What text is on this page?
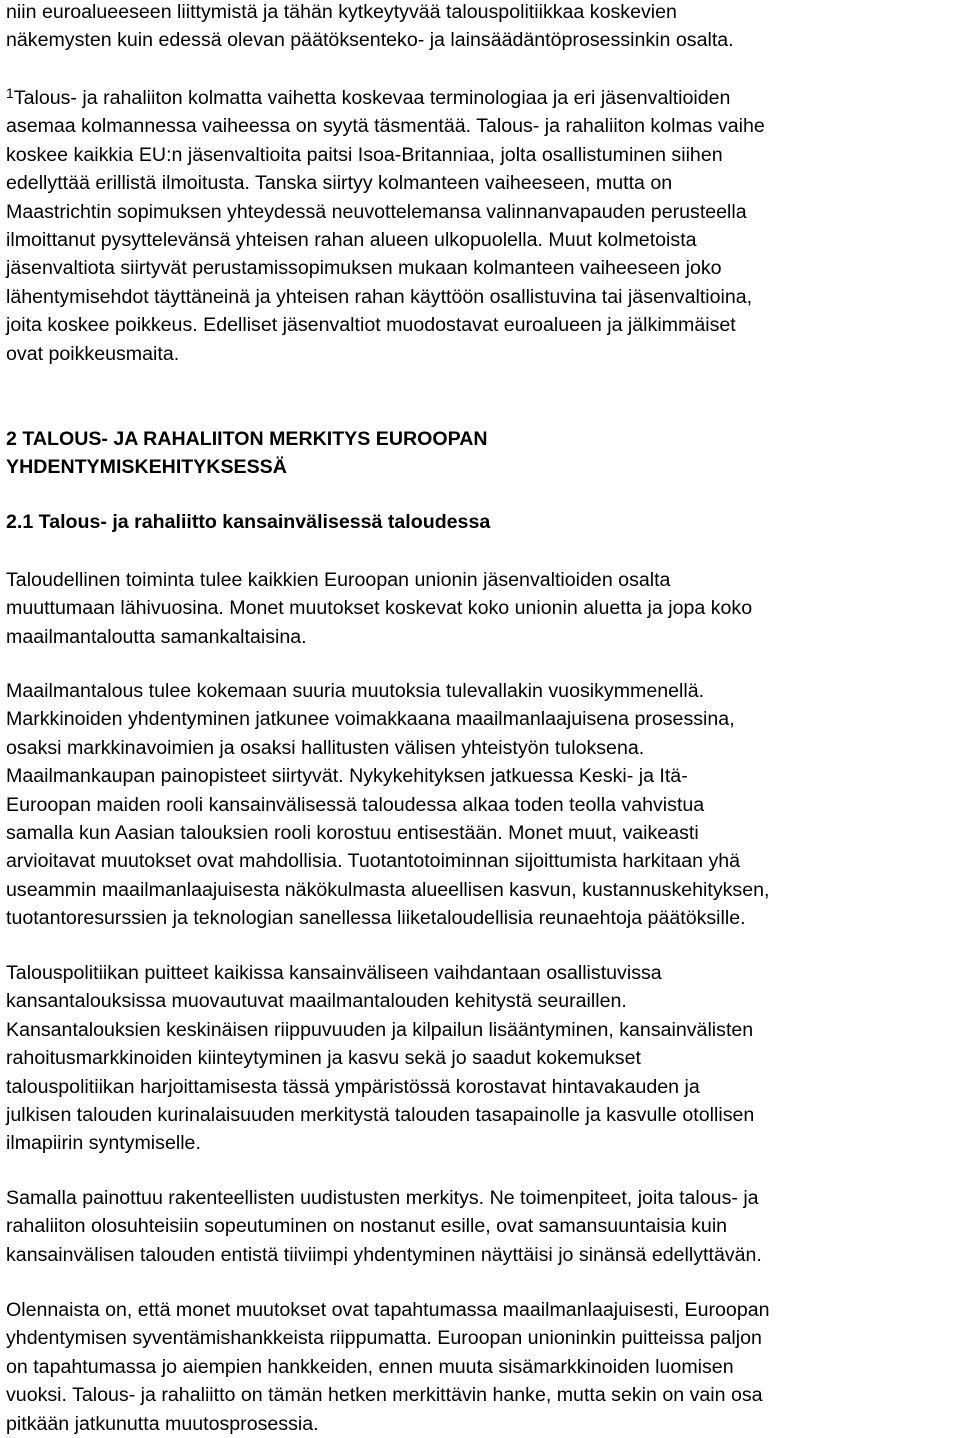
niin euroalueeseen liittymistä ja tähän kytkeytyvää talouspolitiikkaa koskevien
näkemysten kuin edessä olevan päätöksenteko- ja lainsäädäntöprosessinkin osalta.

$^1$Talous- ja rahaliiton kolmatta vaihetta koskevaa terminologiaa ja eri jäsenvaltioiden
asemaa kolmannessa vaiheessa on syytä täsmentää. Talous- ja rahaliiton kolmas vaihe
koskee kaikkia EU:n jäsenvaltioita paitsi Isoa-Britanniaa, jolta osallistuminen siihen
edellyttää erillistä ilmoitusta. Tanska siirtyy kolmanteen vaiheeseen, mutta on
Maastrichtin sopimuksen yhteydessä neuvottelemansa valinnanvapauden perusteella
ilmoittanut pysyttelevänsä yhteisen rahan alueen ulkopuolella. Muut kolmetoista
jäsenvaltiota siirtyvät perustamissopimuksen mukaan kolmanteen vaiheeseen joko
lähentymisehdot täyttäneinä ja yhteisen rahan käyttöön osallistuvina tai jäsenvaltioina,
joita koskee poikkeus. Edelliset jäsenvaltiot muodostavat euroalueen ja jälkimmäiset
ovat poikkeusmaita.

2 TALOUS- JA RAHALIITON MERKITYS EUROOPAN
YHDENTYMISKEHITYKSESSÄ

2.1 Talous- ja rahaliitto kansainvälisessä taloudessa

Taloudellinen toiminta tulee kaikkien Euroopan unionin jäsenvaltioiden osalta
muuttumaan lähivuosina. Monet muutokset koskevat koko unionin aluetta ja jopa koko
maailmantaloutta samankaltaisina.

Maailmantalous tulee kokemaan suuria muutoksia tulevallakin vuosikymmenellä.
Markkinoiden yhdentyminen jatkunee voimakkaana maailmanlaajuisena prosessina,
osaksi markkinavoimien ja osaksi hallitusten välisen yhteistyön tuloksena.
Maailmankaupan painopisteet siirtyvät. Nykykehityksen jatkuessa Keski- ja Itä-
Euroopan maiden rooli kansainvälisessä taloudessa alkaa toden teolla vahvistua
samalla kun Aasian talouksien rooli korostuu entisestään. Monet muut, vaikeasti
arvioitavat muutokset ovat mahdollisia. Tuotantotoiminnan sijoittumista harkitaan yhä
useammin maailmanlaajuisesta näkökulmasta alueellisen kasvun, kustannuskehityksen,
tuotantoresurssien ja teknologian sanellessa liiketaloudellisia reunaehtoja päätöksille.

Talouspolitiikan puitteet kaikissa kansainväliseen vaihdantaan osallistuvissa
kansantalouksissa muovautuvat maailmantalouden kehitystä seuraillen.
Kansantalouksien keskinäisen riippuvuuden ja kilpailun lisääntyminen, kansainvälisten
rahoitusmarkkinoiden kiinteytyminen ja kasvu sekä jo saadut kokemukset
talouspolitiikan harjoittamisesta tässä ympäristössä korostavat hintavakauden ja
julkisen talouden kurinalaisuuden merkitystä talouden tasapainolle ja kasvulle otollisen
ilmapiirin syntymiselle.

Samalla painottuu rakenteellisten uudistusten merkitys. Ne toimenpiteet, joita talous- ja
rahaliiton olosuhteisiin sopeutuminen on nostanut esille, ovat samansuuntaisia kuin
kansainvälisen talouden entistä tiiviimpi yhdentyminen näyttäisi jo sinänsä edellyttävän.

Olennaista on, että monet muutokset ovat tapahtumassa maailmanlaajuisesti, Euroopan
yhdentymisen syventämishankkeista riippumatta. Euroopan unioninkin puitteissa paljon
on tapahtumassa jo aiempien hankkeiden, ennen muuta sisämarkkinoiden luomisen
vuoksi. Talous- ja rahaliitto on tämän hetken merkittävin hanke, mutta sekin on vain osa
pitkään jatkunutta muutosprosessia.
